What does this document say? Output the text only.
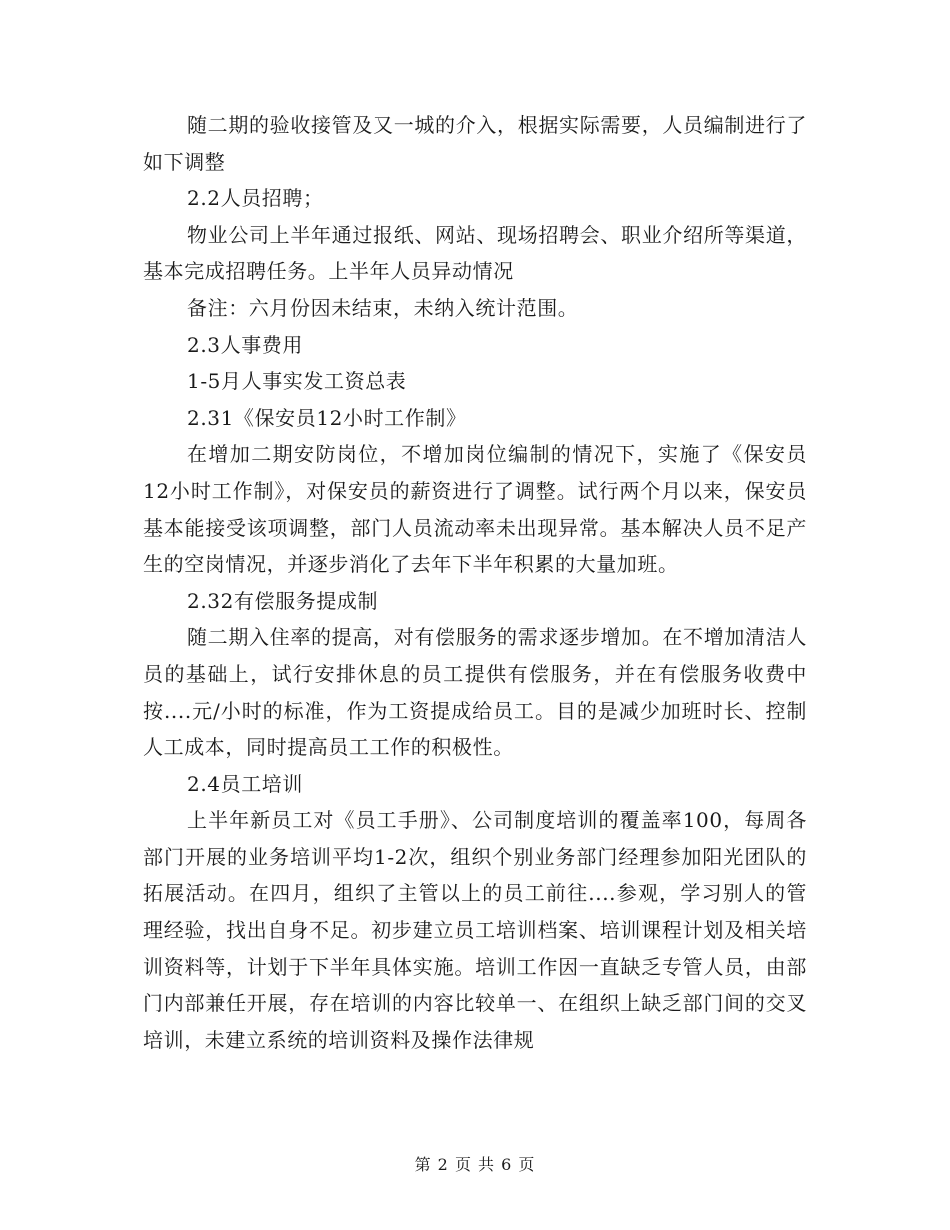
随二期的验收接管及又一城的介入，根据实际需要，人员编制进行了如下调整

2.2人员招聘；

物业公司上半年通过报纸、网站、现场招聘会、职业介绍所等渠道，基本完成招聘任务。上半年人员异动情况

备注：六月份因未结束，未纳入统计范围。

2.3人事费用

1-5月人事实发工资总表

2.31《保安员12小时工作制》

在增加二期安防岗位，不增加岗位编制的情况下，实施了《保安员12小时工作制》，对保安员的薪资进行了调整。试行两个月以来，保安员基本能接受该项调整，部门人员流动率未出现异常。基本解决人员不足产生的空岗情况，并逐步消化了去年下半年积累的大量加班。

2.32有偿服务提成制

随二期入住率的提高，对有偿服务的需求逐步增加。在不增加清洁人员的基础上，试行安排休息的员工提供有偿服务，并在有偿服务收费中按....元/小时的标准，作为工资提成给员工。目的是减少加班时长、控制人工成本，同时提高员工工作的积极性。

2.4员工培训

上半年新员工对《员工手册》、公司制度培训的覆盖率100，每周各部门开展的业务培训平均1-2次，组织个别业务部门经理参加阳光团队的拓展活动。在四月，组织了主管以上的员工前往....参观，学习别人的管理经验，找出自身不足。初步建立员工培训档案、培训课程计划及相关培训资料等，计划于下半年具体实施。培训工作因一直缺乏专管人员，由部门内部兼任开展，存在培训的内容比较单一、在组织上缺乏部门间的交叉培训，未建立系统的培训资料及操作法律规

第 2 页 共 6 页
